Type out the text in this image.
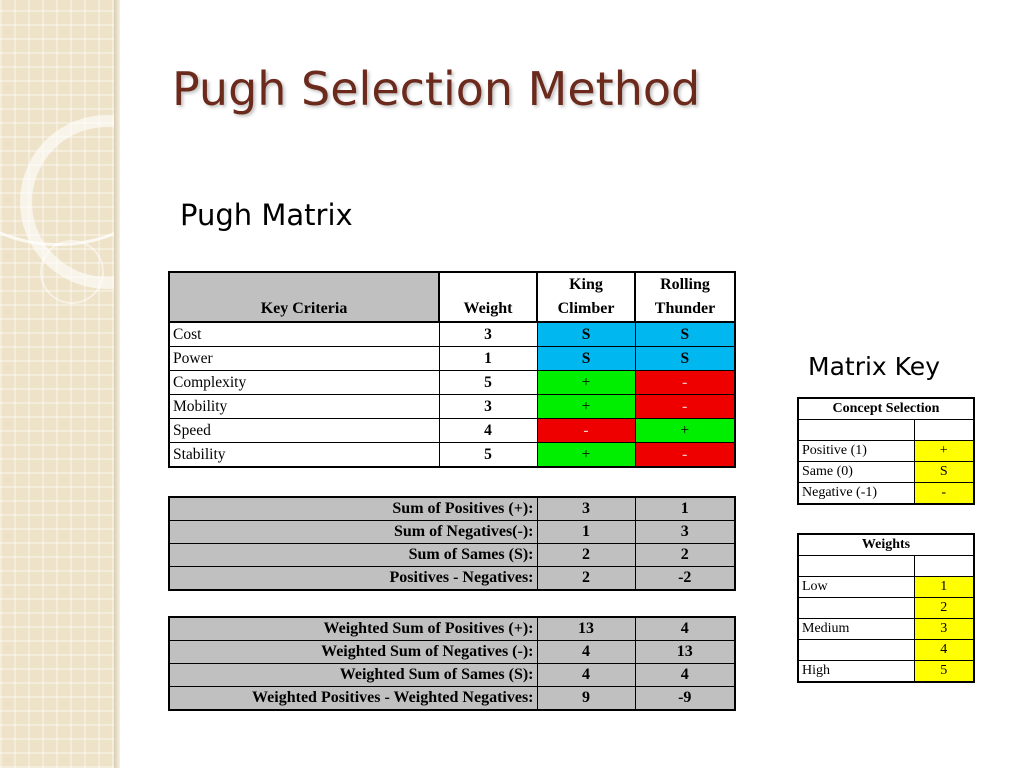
Pugh Selection Method
Pugh Matrix
Matrix Key
Key Criteria	Weight	King Climber	Rolling Thunder
Cost	3	S	S
Power	1	S	S
Complexity	5	+	-
Mobility	3	+	-
Speed	4	-	+
Stability	5	+	-
Sum of Positives (+):	3	1
Sum of Negatives(-):	1	3
Sum of Sames (S):	2	2
Positives - Negatives:	2	-2
Weighted Sum of Positives (+):	13	4
Weighted Sum of Negatives (-):	4	13
Weighted Sum of Sames (S):	4	4
Weighted Positives - Weighted Negatives:	9	-9
Concept Selection	

Positive (1)	+
Same (0)	S
Negative (-1)	-
Weights	

Low	1
	2
Medium	3
	4
High	5
